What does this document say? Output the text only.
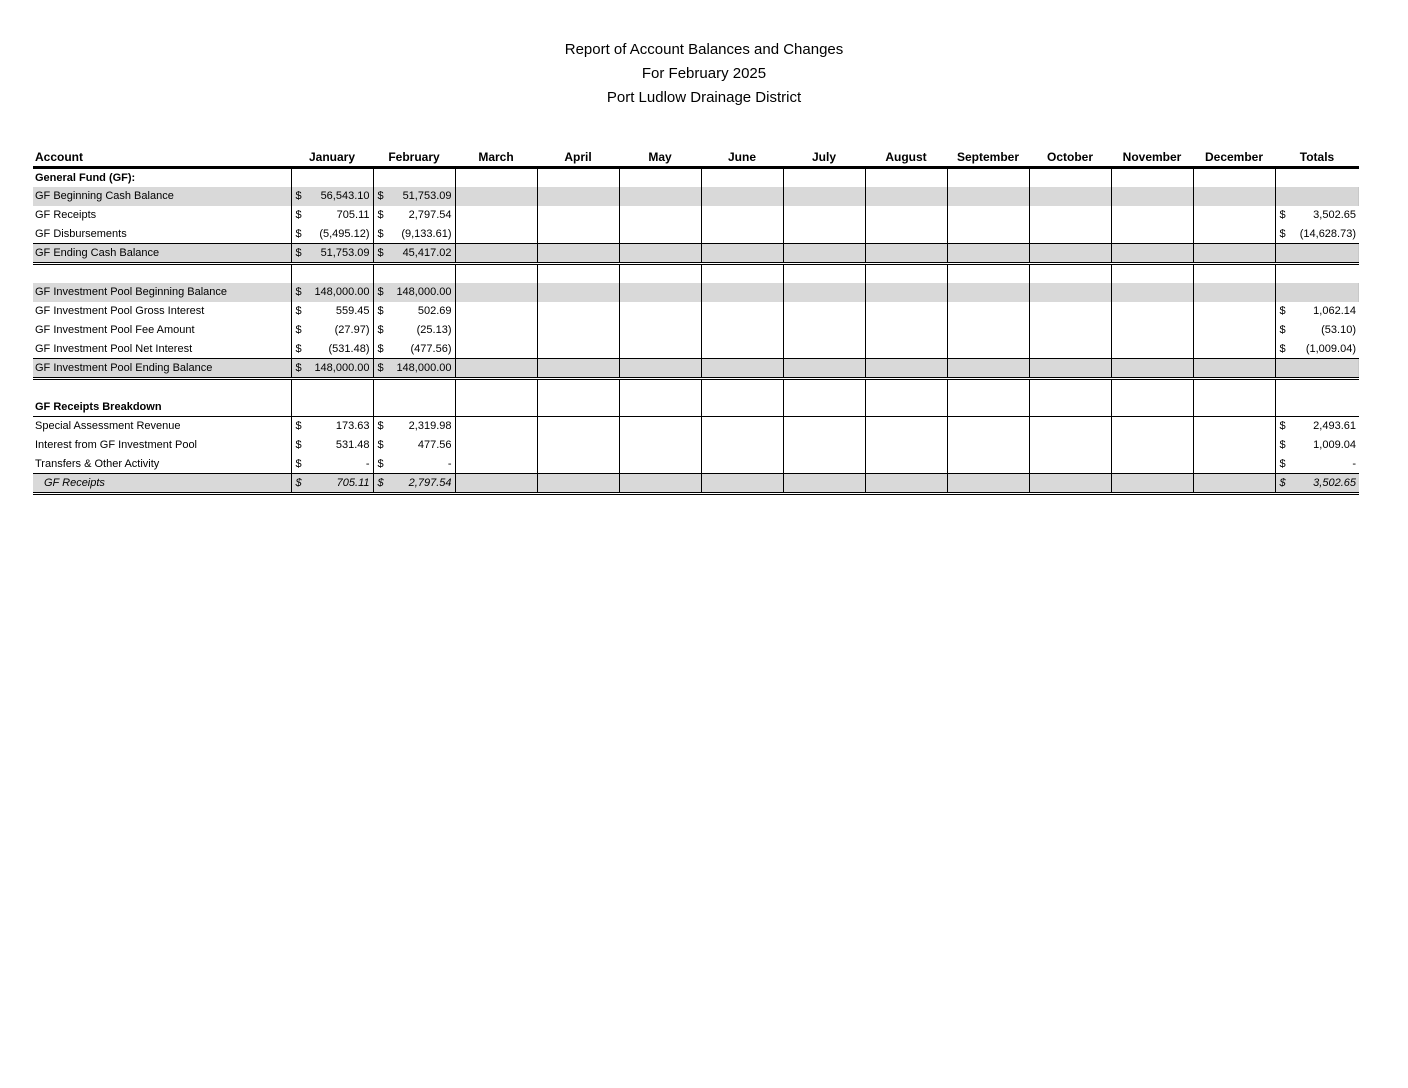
Report of Account Balances and Changes
For February 2025
Port Ludlow Drainage District
Account	January	February	March	April	May	June	July	August	September	October	November	December	Totals
General Fund (GF):													
GF Beginning Cash Balance	$ 56,543.10	$ 51,753.09											

GF Receipts	$ 705.11	$ 2,797.54											$ 3,502.65

GF Disbursements	$ (5,495.12)	$ (9,133.61)											$ (14,628.73)

GF Ending Cash Balance	$ 51,753.09	$ 45,417.02											

GF Investment Pool Beginning Balance	$ 148,000.00	$ 148,000.00											

GF Investment Pool Gross Interest	$ 559.45	$ 502.69											$ 1,062.14

GF Investment Pool Fee Amount	$ (27.97)	$ (25.13)											$ (53.10)

GF Investment Pool Net Interest	$ (531.48)	$ (477.56)											$ (1,009.04)

GF Investment Pool Ending Balance	$ 148,000.00	$ 148,000.00											

GF Receipts Breakdown													
Special Assessment Revenue	$ 173.63	$ 2,319.98											$ 2,493.61

Interest from GF Investment Pool	$ 531.48	$ 477.56											$ 1,009.04

Transfers & Other Activity	$ -	$ -											$ -

GF Receipts	$ 705.11	$ 2,797.54											$ 3,502.65
